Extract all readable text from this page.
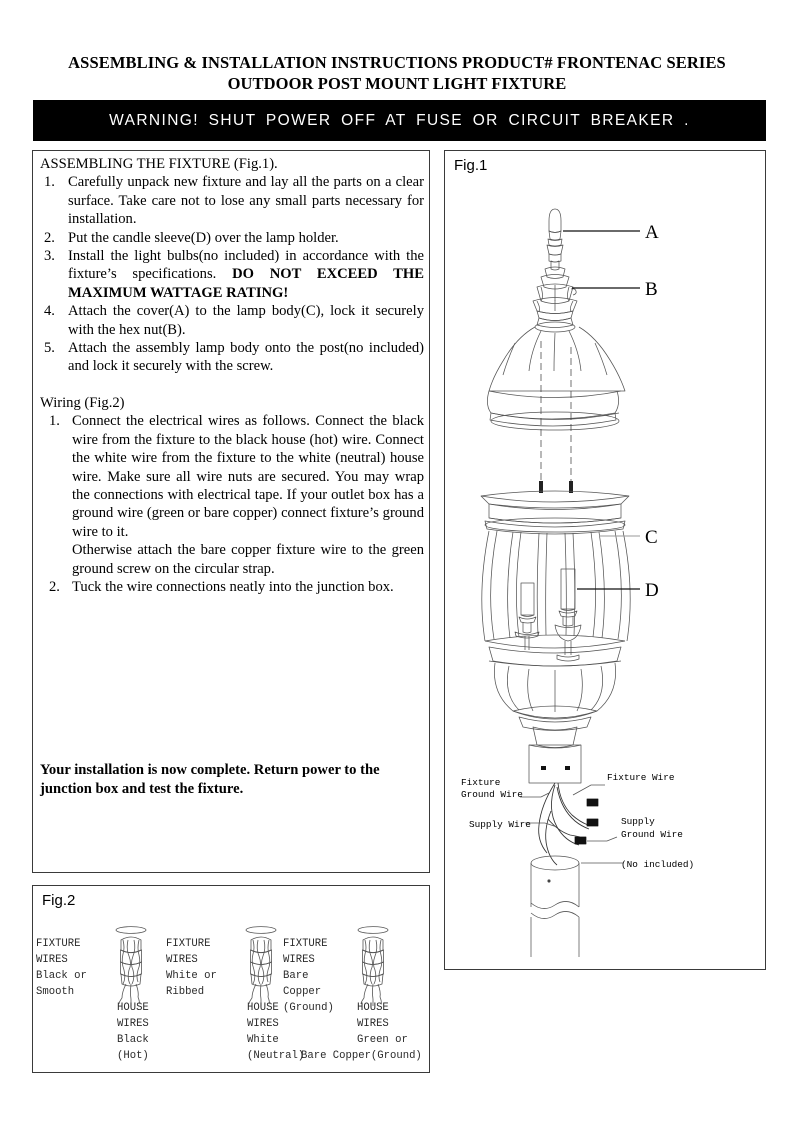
ASSEMBLING & INSTALLATION INSTRUCTIONS PRODUCT# FRONTENAC SERIES OUTDOOR POST MOUNT LIGHT FIXTURE
WARNING! SHUT POWER OFF AT FUSE OR CIRCUIT BREAKER .
ASSEMBLING THE FIXTURE (Fig.1).
1. Carefully unpack new fixture and lay all the parts on a clear surface. Take care not to lose any small parts necessary for installation.
2. Put the candle sleeve(D) over the lamp holder.
3. Install the light bulbs(no included) in accordance with the fixture’s specifications. DO NOT EXCEED THE MAXIMUM WATTAGE RATING!
4. Attach the cover(A) to the lamp body(C), lock it securely with the hex nut(B).
5. Attach the assembly lamp body onto the post(no included) and lock it securely with the screw.
Wiring (Fig.2)
1. Connect the electrical wires as follows. Connect the black wire from the fixture to the black house (hot) wire. Connect the white wire from the fixture to the white (neutral) house wire. Make sure all wire nuts are secured. You may wrap the connections with electrical tape. If your outlet box has a ground wire (green or bare copper) connect fixture’s ground wire to it.
Otherwise attach the bare copper fixture wire to the green ground screw on the circular strap.
2. Tuck the wire connections neatly into the junction box.
Your installation is now complete. Return power to the junction box and test the fixture.
Fig.2
FIXTURE
WIRES
Black or
Smooth
HOUSE
WIRES
Black
(Hot)
FIXTURE
WIRES
White or
Ribbed
HOUSE
WIRES
White
(Neutral)
FIXTURE
WIRES
Bare
Copper
(Ground) HOUSE
WIRES
Green or
Bare Copper(Ground)
Fig.1
A
B
C
D
Fixture
Ground Wire
Fixture Wire
Supply Wire	Supply
Ground Wire
(No included)
